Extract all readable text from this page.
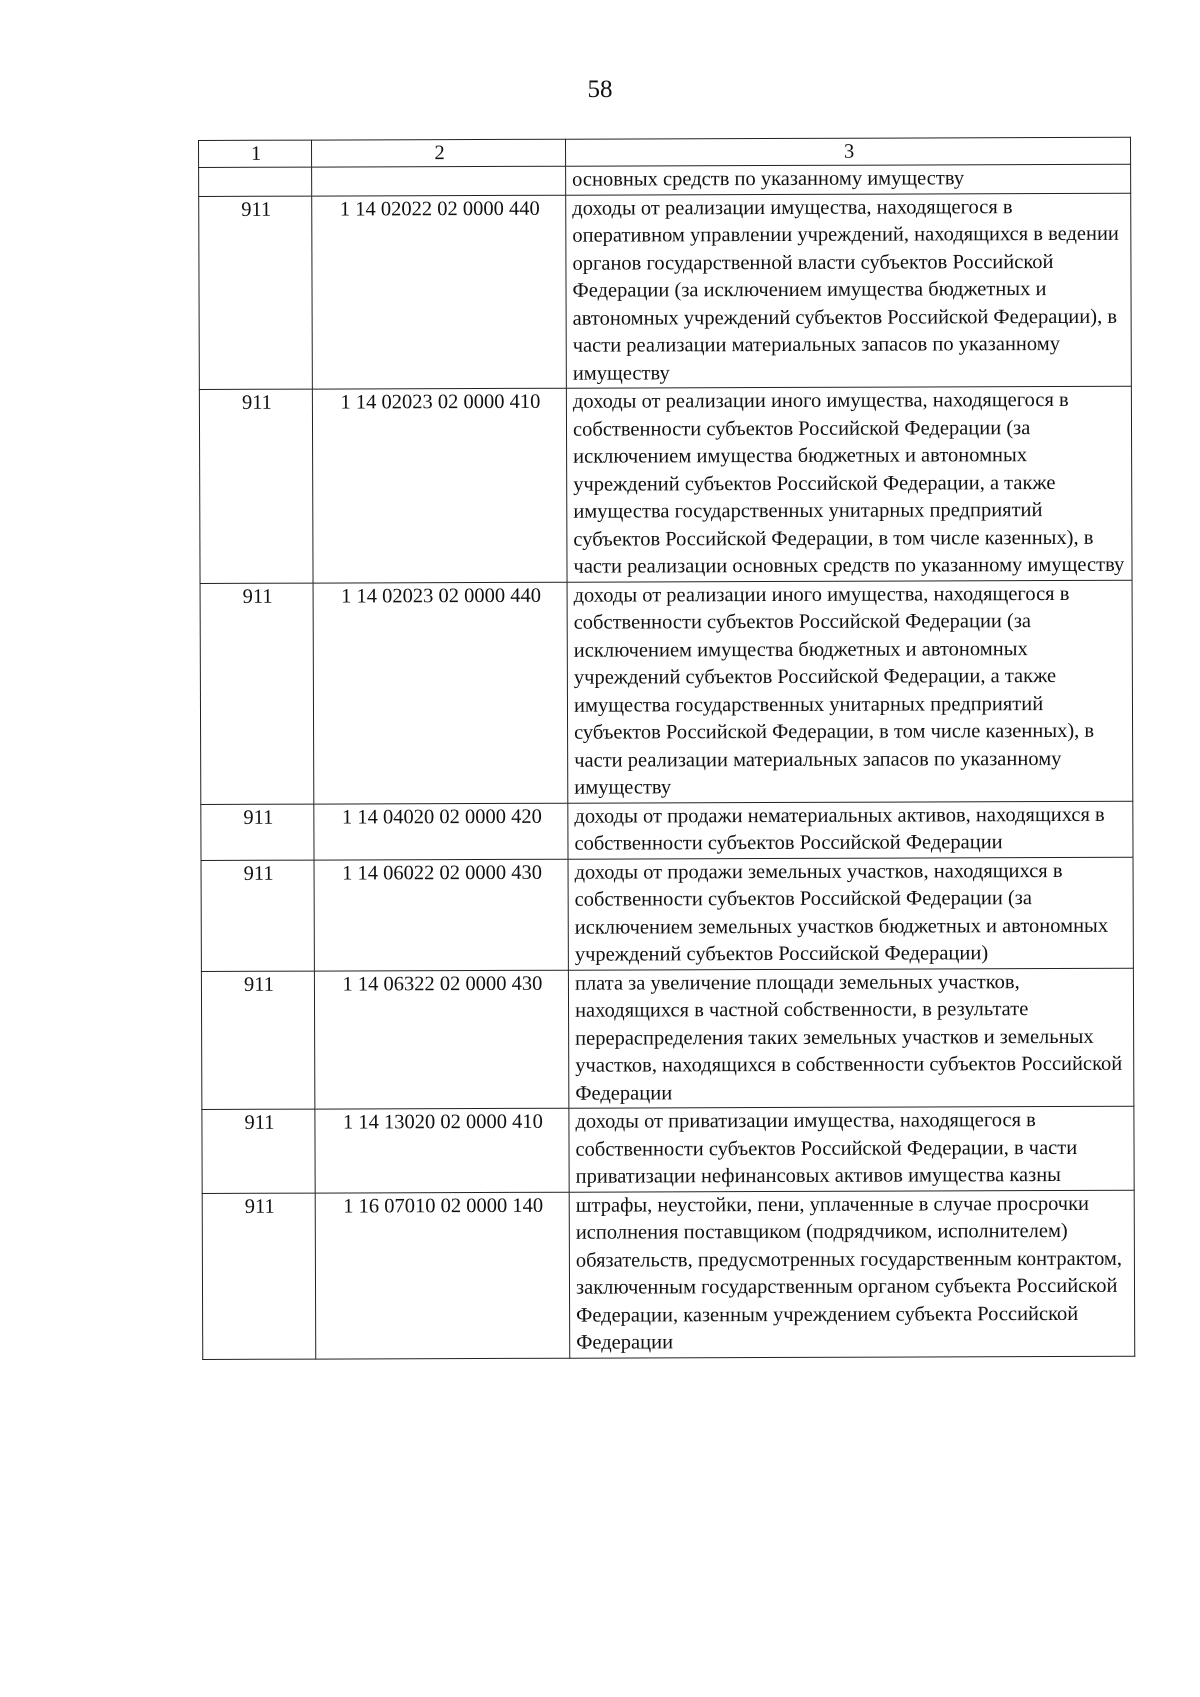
58
1	2	3
		основных средств по указанному имуществу
911	1 14 02022 02 0000 440	доходы от реализации имущества, находящегося в оперативном управлении учреждений, находящихся в ведении органов государственной власти субъектов Российской Федерации (за исключением имущества бюджетных и автономных учреждений субъектов Российской Федерации), в части реализации материальных запасов по указанному имуществу
911	1 14 02023 02 0000 410	доходы от реализации иного имущества, находящегося в собственности субъектов Российской Федерации (за исключением имущества бюджетных и автономных учреждений субъектов Российской Федерации, а также имущества государственных унитарных предприятий субъектов Российской Федерации, в том числе казенных), в части реализации основных средств по указанному имуществу
911	1 14 02023 02 0000 440	доходы от реализации иного имущества, находящегося в собственности субъектов Российской Федерации (за исключением имущества бюджетных и автономных учреждений субъектов Российской Федерации, а также имущества государственных унитарных предприятий субъектов Российской Федерации, в том числе казенных), в части реализации материальных запасов по указанному имуществу
911	1 14 04020 02 0000 420	доходы от продажи нематериальных активов, находящихся в собственности субъектов Российской Федерации
911	1 14 06022 02 0000 430	доходы от продажи земельных участков, находящихся в собственности субъектов Российской Федерации (за исключением земельных участков бюджетных и автономных учреждений субъектов Российской Федерации)
911	1 14 06322 02 0000 430	плата за увеличение площади земельных участков, находящихся в частной собственности, в результате перераспределения таких земельных участков и земельных участков, находящихся в собственности субъектов Российской Федерации
911	1 14 13020 02 0000 410	доходы от приватизации имущества, находящегося в собственности субъектов Российской Федерации, в части приватизации нефинансовых активов имущества казны
911	1 16 07010 02 0000 140	штрафы, неустойки, пени, уплаченные в случае просрочки исполнения поставщиком (подрядчиком, исполнителем) обязательств, предусмотренных государственным контрактом, заключенным государственным органом субъекта Российской Федерации, казенным учреждением субъекта Российской Федерации
